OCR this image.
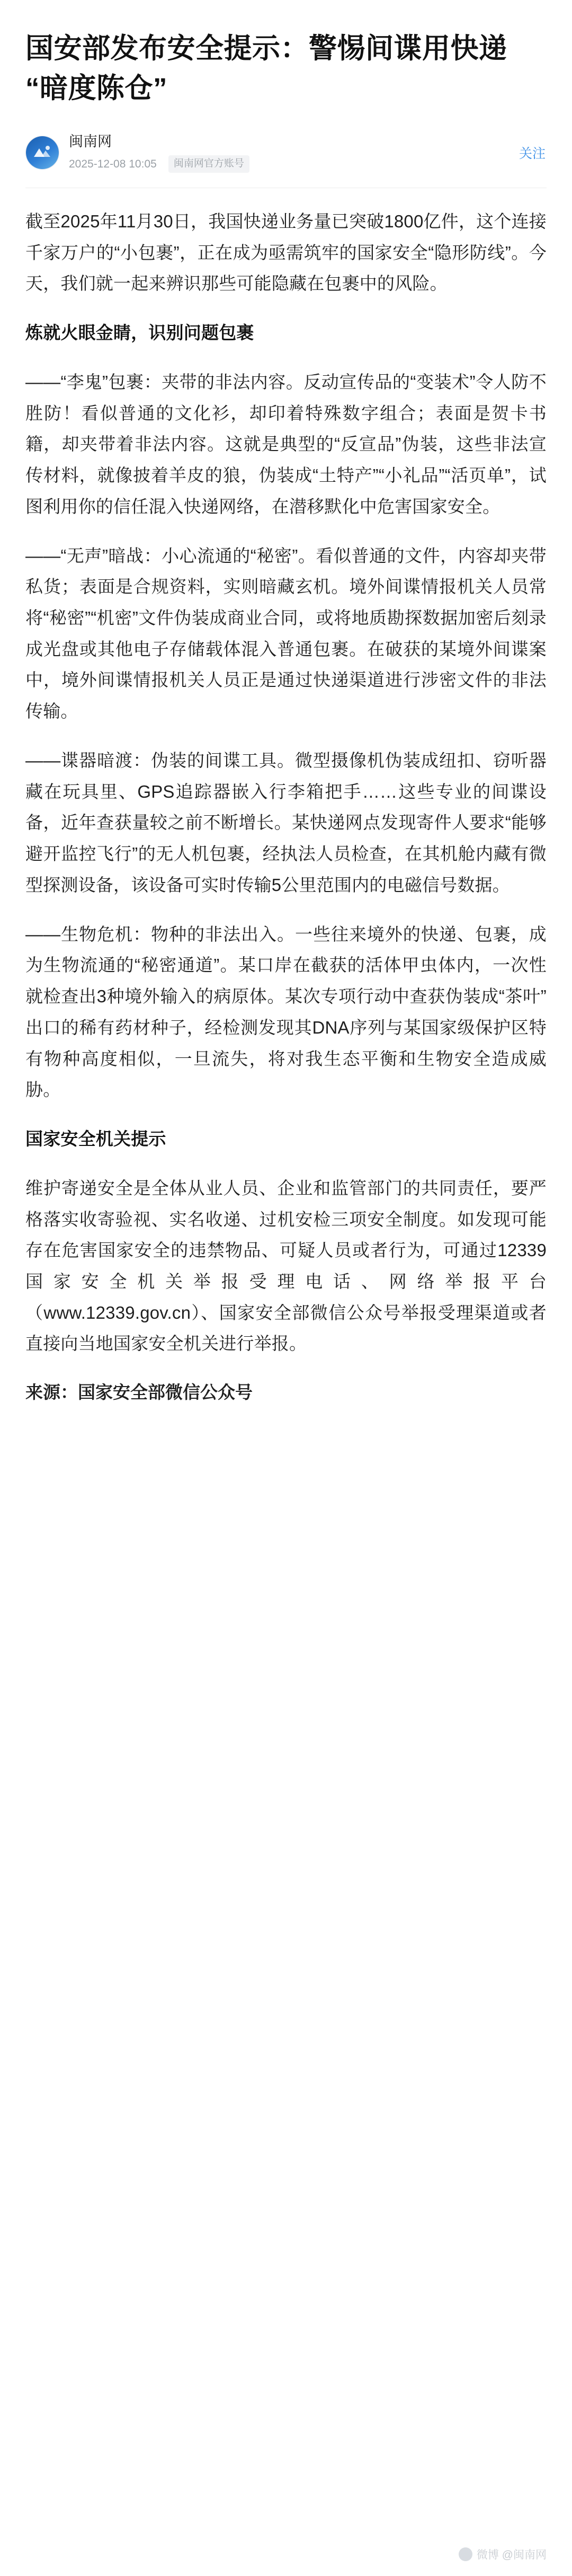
国安部发布安全提示：警惕间谍用快递“暗度陈仓”
闽南网
2025-12-08 10:05	闽南网官方账号
关注

截至2025年11月30日，我国快递业务量已突破1800亿件，这个连接千家万户的“小包裹”，正在成为亟需筑牢的国家安全“隐形防线”。今天，我们就一起来辨识那些可能隐藏在包裹中的风险。

炼就火眼金睛，识别问题包裹

——“李鬼”包裹：夹带的非法内容。反动宣传品的“变装术”令人防不胜防！看似普通的文化衫，却印着特殊数字组合；表面是贺卡书籍，却夹带着非法内容。这就是典型的“反宣品”伪装，这些非法宣传材料，就像披着羊皮的狼，伪装成“土特产”“小礼品”“活页单”，试图利用你的信任混入快递网络，在潜移默化中危害国家安全。

——“无声”暗战：小心流通的“秘密”。看似普通的文件，内容却夹带私货；表面是合规资料，实则暗藏玄机。境外间谍情报机关人员常将“秘密”“机密”文件伪装成商业合同，或将地质勘探数据加密后刻录成光盘或其他电子存储载体混入普通包裹。在破获的某境外间谍案中，境外间谍情报机关人员正是通过快递渠道进行涉密文件的非法传输。

——谍器暗渡：伪装的间谍工具。微型摄像机伪装成纽扣、窃听器藏在玩具里、GPS追踪器嵌入行李箱把手……这些专业的间谍设备，近年查获量较之前不断增长。某快递网点发现寄件人要求“能够避开监控飞行”的无人机包裹，经执法人员检查，在其机舱内藏有微型探测设备，该设备可实时传输5公里范围内的电磁信号数据。

——生物危机：物种的非法出入。一些往来境外的快递、包裹，成为生物流通的“秘密通道”。某口岸在截获的活体甲虫体内，一次性就检查出3种境外输入的病原体。某次专项行动中查获伪装成“茶叶”出口的稀有药材种子，经检测发现其DNA序列与某国家级保护区特有物种高度相似，一旦流失，将对我生态平衡和生物安全造成威胁。

国家安全机关提示

维护寄递安全是全体从业人员、企业和监管部门的共同责任，要严格落实收寄验视、实名收递、过机安检三项安全制度。如发现可能存在危害国家安全的违禁物品、可疑人员或者行为，可通过12339国家安全机关举报受理电话、网络举报平台（www.12339.gov.cn）、国家安全部微信公众号举报受理渠道或者直接向当地国家安全机关进行举报。

来源：国家安全部微信公众号

微博 @闽南网
